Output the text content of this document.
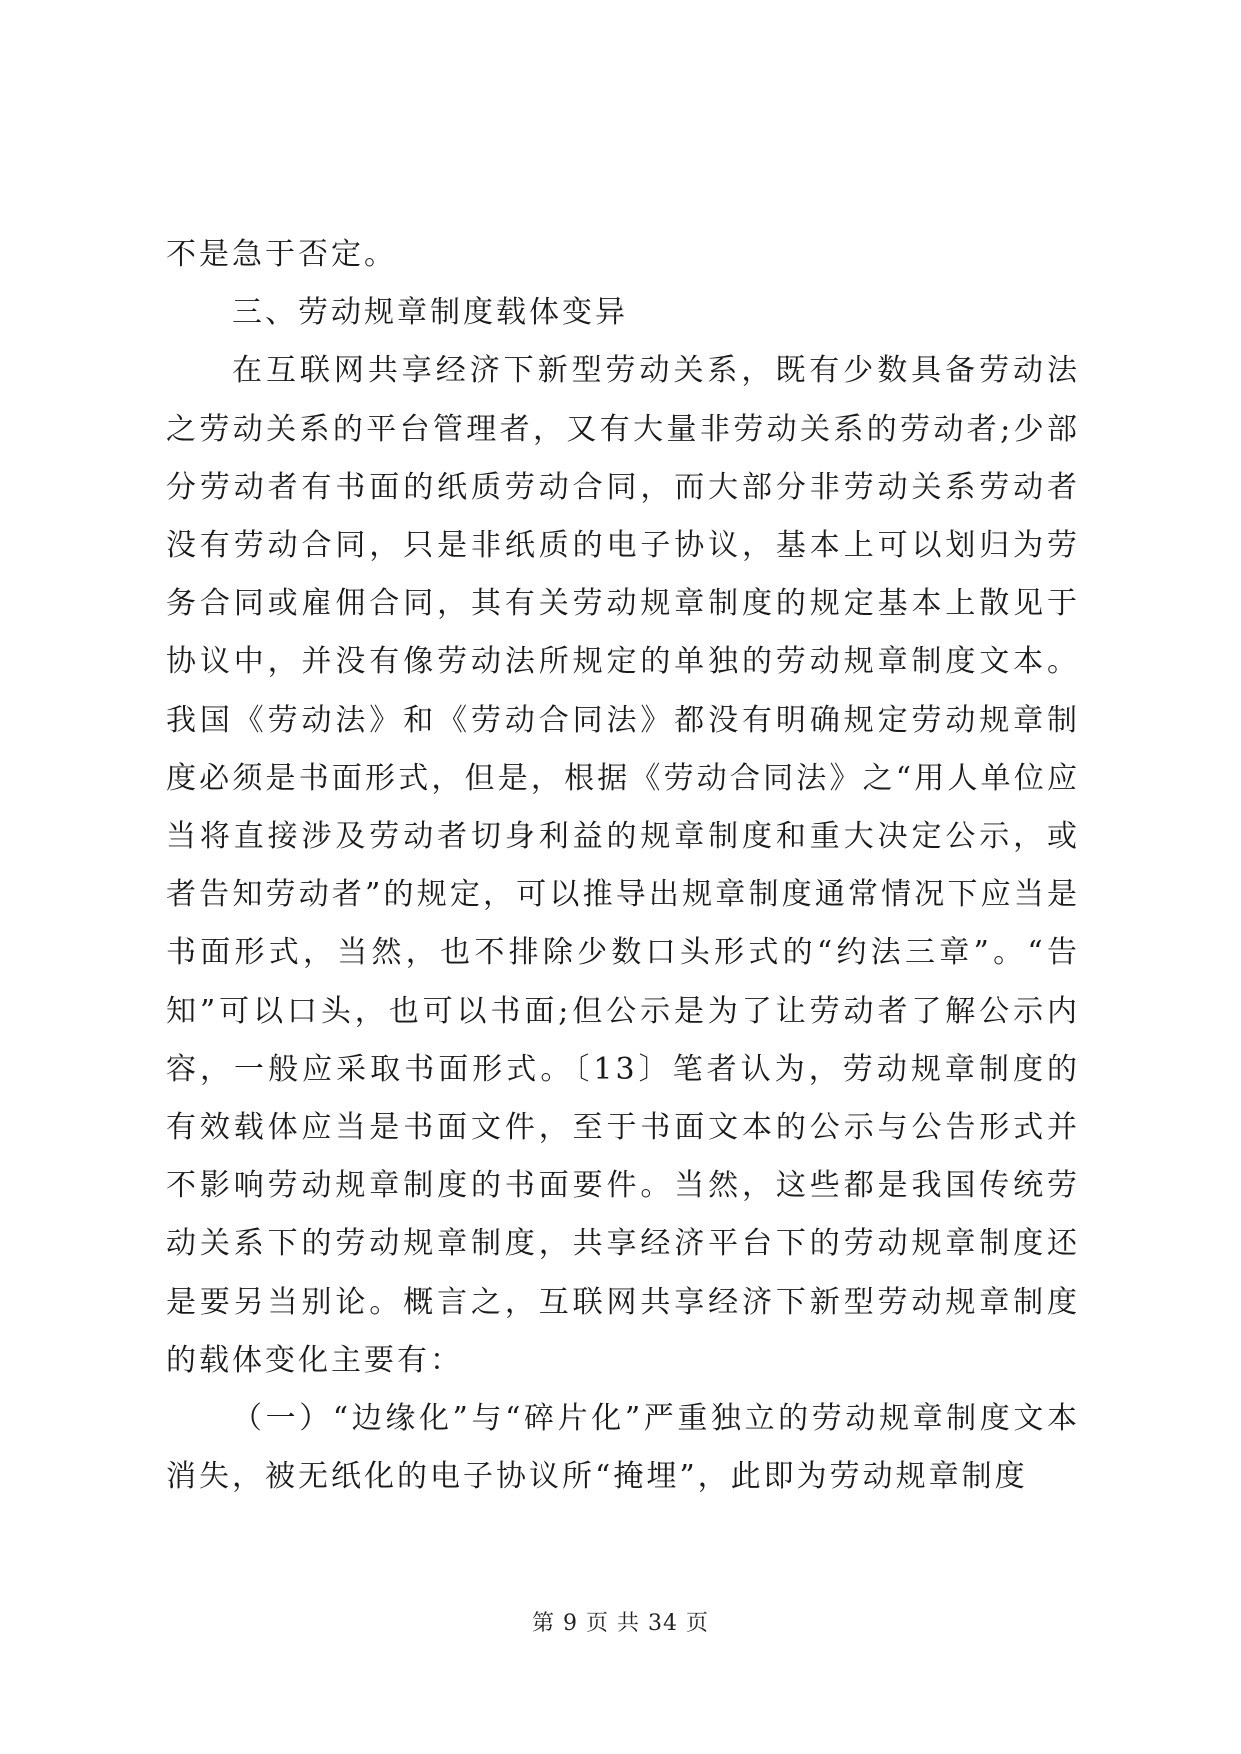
不是急于否定。

三、劳动规章制度载体变异

在互联网共享经济下新型劳动关系，既有少数具备劳动法之劳动关系的平台管理者，又有大量非劳动关系的劳动者;少部分劳动者有书面的纸质劳动合同，而大部分非劳动关系劳动者没有劳动合同，只是非纸质的电子协议，基本上可以划归为劳务合同或雇佣合同，其有关劳动规章制度的规定基本上散见于协议中，并没有像劳动法所规定的单独的劳动规章制度文本。我国《劳动法》和《劳动合同法》都没有明确规定劳动规章制度必须是书面形式，但是，根据《劳动合同法》之“用人单位应当将直接涉及劳动者切身利益的规章制度和重大决定公示，或者告知劳动者”的规定，可以推导出规章制度通常情况下应当是书面形式，当然，也不排除少数口头形式的“约法三章”。“告知”可以口头，也可以书面;但公示是为了让劳动者了解公示内容，一般应采取书面形式。〔13〕笔者认为，劳动规章制度的有效载体应当是书面文件，至于书面文本的公示与公告形式并不影响劳动规章制度的书面要件。当然，这些都是我国传统劳动关系下的劳动规章制度，共享经济平台下的劳动规章制度还是要另当别论。概言之，互联网共享经济下新型劳动规章制度的载体变化主要有：

（一）“边缘化”与“碎片化”严重独立的劳动规章制度文本消失，被无纸化的电子协议所“掩埋”，此即为劳动规章制度

第 9 页 共 34 页
